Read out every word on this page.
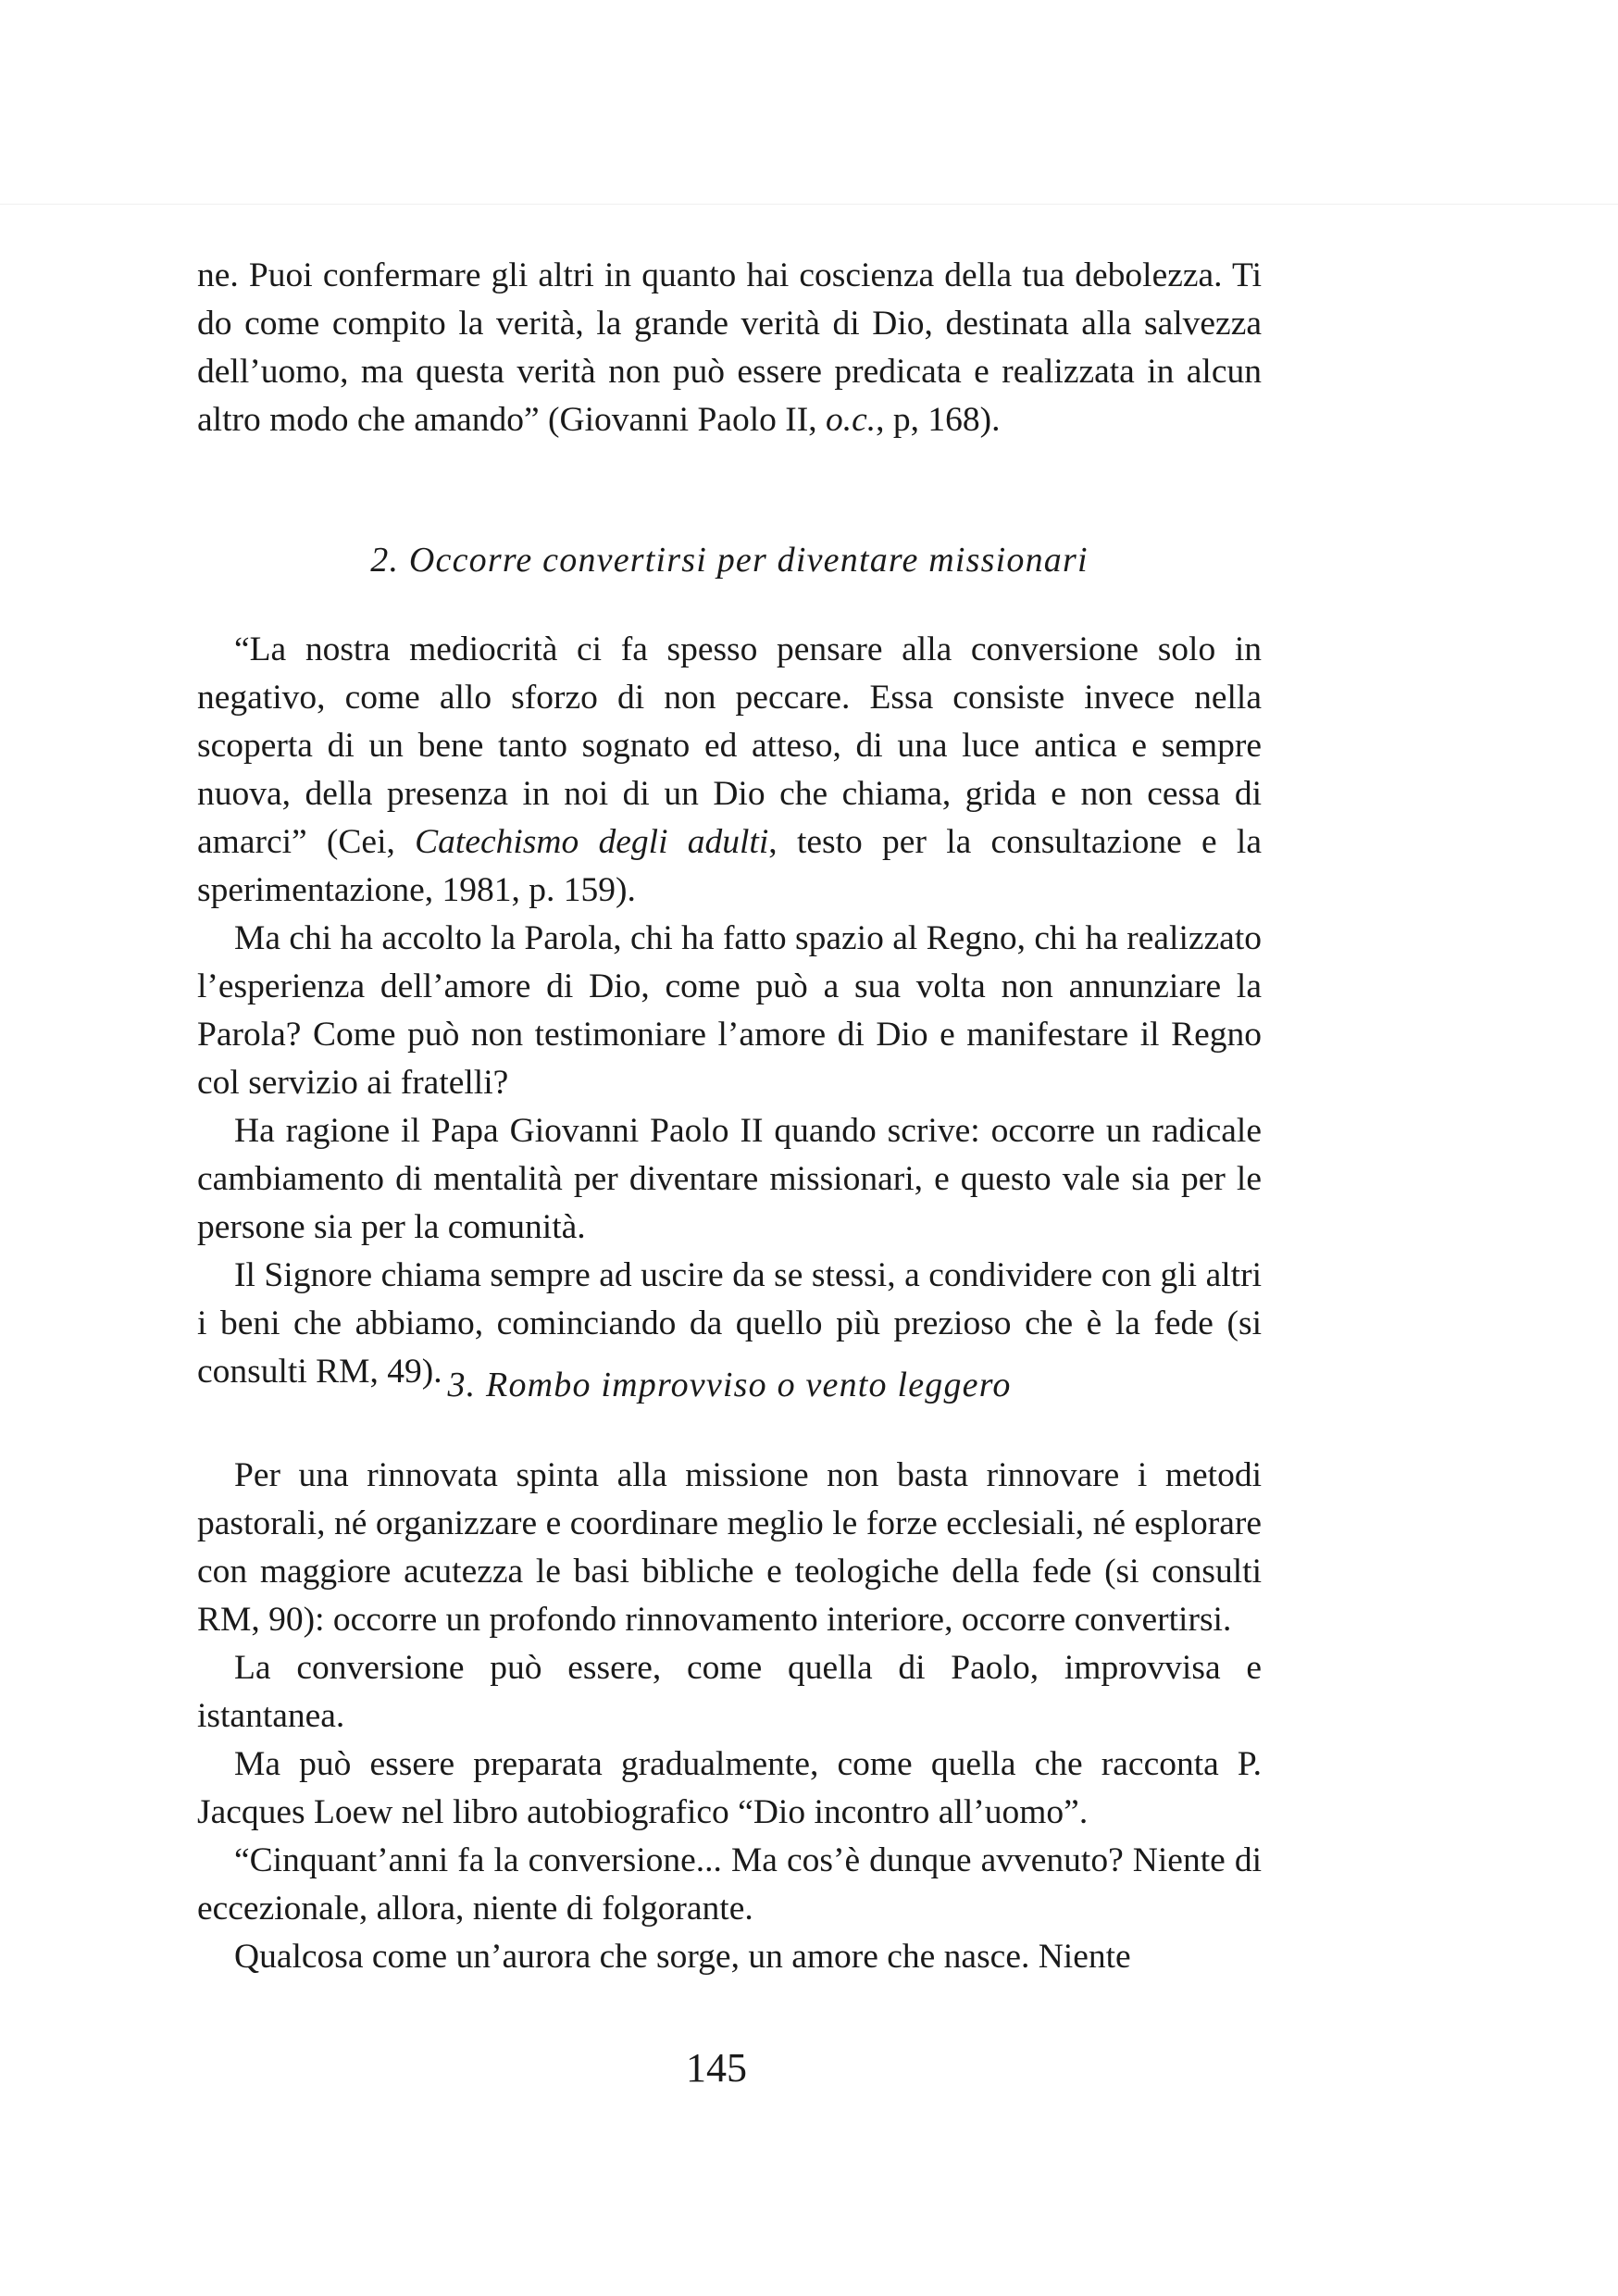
ne. Puoi confermare gli altri in quanto hai coscienza della tua debolezza. Ti do come compito la verità, la grande verità di Dio, destinata alla salvezza dell’uomo, ma questa verità non può essere predicata e realizzata in alcun altro modo che amando” (Giovanni Paolo II, o.c., p, 168).

2. Occorre convertirsi per diventare missionari

“La nostra mediocrità ci fa spesso pensare alla conversione solo in negativo, come allo sforzo di non peccare. Essa consiste invece nella scoperta di un bene tanto sognato ed atteso, di una luce antica e sempre nuova, della presenza in noi di un Dio che chiama, grida e non cessa di amarci” (Cei, Catechismo degli adulti, testo per la consultazione e la sperimentazione, 1981, p. 159).

Ma chi ha accolto la Parola, chi ha fatto spazio al Regno, chi ha realizzato l’esperienza dell’amore di Dio, come può a sua volta non annunziare la Parola? Come può non testimoniare l’amore di Dio e manifestare il Regno col servizio ai fratelli?

Ha ragione il Papa Giovanni Paolo II quando scrive: occorre un radicale cambiamento di mentalità per diventare missionari, e questo vale sia per le persone sia per la comunità.

Il Signore chiama sempre ad uscire da se stessi, a condividere con gli altri i beni che abbiamo, cominciando da quello più prezioso che è la fede (si consulti RM, 49). 3. Rombo improvviso o vento leggero

Per una rinnovata spinta alla missione non basta rinnovare i metodi pastorali, né organizzare e coordinare meglio le forze ecclesiali, né esplorare con maggiore acutezza le basi bibliche e teologiche della fede (si consulti RM, 90): occorre un profondo rinnovamento interiore, occorre convertirsi.

La conversione può essere, come quella di Paolo, improvvisa e istantanea.

Ma può essere preparata gradualmente, come quella che racconta P. Jacques Loew nel libro autobiografico “Dio incontro all’uomo”.

“Cinquant’anni fa la conversione... Ma cos’è dunque avvenuto? Niente di eccezionale, allora, niente di folgorante.

Qualcosa come un’aurora che sorge, un amore che nasce. Niente

145
